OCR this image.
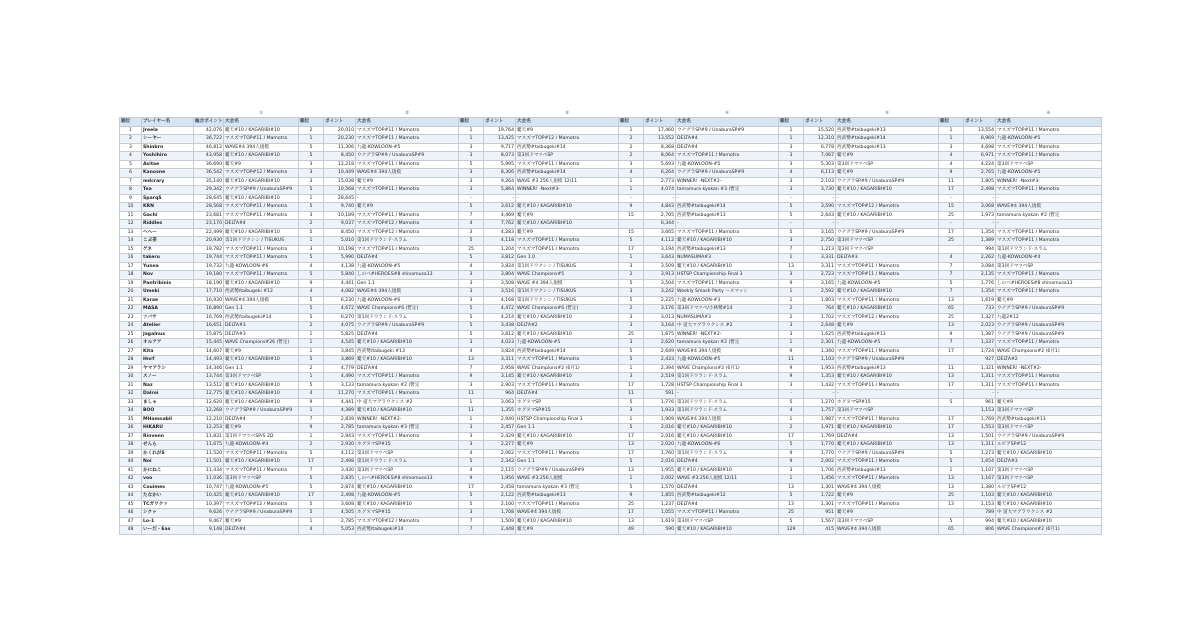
			①			②			③			④			⑤			⑥
順位	プレイヤー名	総合ポイント	大会名	順位	ポイント	大会名	順位	ポイント	大会名	順位	ポイント	大会名	順位	ポイント	大会名	順位	ポイント	大会名
1	Jreela	42,076	覇天#10 / KAGARIBI#10	2	20,010	マスズマTOP#11 / Mamotra	1	19,764	覇天#9	1	17,460	ウナグラSP#9 / UnaburaSP#9	1	15,520	西武勢#taibugeki#13	1	13,554	マスズマTOP#11 / Mamotra
2	シーヤー	36,722	マスズマTOP#11 / Mamotra	1	20,230	マスズマTOP#11 / Mamotra	1	13,425	マスズマTOP#12 / Mamotra	2	13,552	DELTA#4	1	12,310	西武勢#taibugeki#14	1	8,969	九龍-KOWLOON-#5
3	Shinbrn	46,812	WAVE#4 394人規模	5	11,306	九龍-KOWLOON-#5	3	9,717	西武勢#taibugeki#14	2	8,368	DELTA#4	3	6,778	西武勢#taibugeki#13	3	4,698	マスズマTOP#11 / Mamotra
4	Yoshihiro	43,958	覇天#10 / KAGARIBI#10	5	8,450	ウナグラSP#9 / UnaburaSP#9	3	8,073	第3回ドマツベSP	2	8,064	マスズマTOP#11 / Mamotra	3	7,067	覇天#9	4	6,971	マスズマTOP#11 / Mamotra
5	Asitae	36,690	覇天#9	3	12,218	マスズマTOP#11 / Mamotra	5	5,995	マスズマTOP#11 / Mamotra	3	5,693	九龍-KOWLOON-#5	3	5,303	第3回ドマツベSP	4	4,224	第3回ドマツベSP
6	Kanosne	36,542	マスズマTOP#12 / Mamotra	3	10,449	WAVE#4 394人規模	3	8,306	西武勢#taibugeki#14	4	6,264	ウナグラSP#9 / UnaburaSP#9	4	6,113	覇天#9	9	2,765	九龍-KOWLOON-#5
7	mdcrary	35,140	覇天#10 / KAGARIBI#10	3	15,038	覇天#9	3	9,264	WAVE #3 256人規模 12/11	1	2,773	WINNER! -NEXT#2-	3	2,103	ウナグラSP#9 / UnaburaSP#9	11	1,805	WINNER! -Next#3-
8	Tea	29,342	ウナグラSP#9 / UnaburaSP#9	5	10,568	マスズマTOP#11 / Mamotra	3	5,864	WINNER! -Next#3-	1	4,074	tamamura kyokan #3 (暫定	3	3,730	覇天#10 / KAGARIBI#10	17	2,498	マスズマTOP#11 / Mamotra
9	SparqS	28,645	覇天#10 / KAGARIBI#10	1	28,645	-	-	-	-	-	-	-	-	-	-	-	-	-
10	KRN	28,568	マスズマTOP#11 / Mamotra	5	9,740	覇天#9	5	3,612	覇天#10 / KAGARIBI#10	9	4,843	西武勢#taibugeki#14	5	3,590	マスズマTOP#12 / Mamotra	15	3,068	WAVE#4 394人規模
11	Gachi	23,681	マスズマTOP#11 / Mamotra	3	10,189	マスズマTOP#11 / Mamotra	7	4,469	覇天#9	15	2,705	西武勢#taibugeki#13	5	2,643	覇天#10 / KAGARIBI#10	25	1,973	tamamura kyokan #2 (暫定
12	Riddles	23,170	DELTA#4	2	9,037	マスズマTOP#12 / Mamotra	4	7,762	覇天#10 / KAGARIBI#10		6,344	-	-	-	-	-	-	-
13	ヘヘー	22,499	覇天#10 / KAGARIBI#10	5	8,450	マスズマTOP#12 / Mamotra	3	4,283	覇天#9	15	3,665	マスズマTOP#11 / Mamotra	5	3,165	ウナグラSP#9 / UnaburaSP#9	17	1,354	マスズマTOP#11 / Mamotra
14	こぶ茶	20,930	第1回ドワクシン / TISUKUS	1	5,010	第1回ドワランド·スラム	5	4,118	マスズマTOP#11 / Mamotra	5	4,112	覇天#10 / KAGARIBI#10	3	2,750	第3回ドマツベSP	25	1,389	マスズマTOP#11 / Mamotra
15	ゲネ	19,782	マスズマTOP#11 / Mamotra	3	10,198	マスズマTOP#11 / Mamotra	25	1,204	マスズマTOP#11 / Mamotra	17	3,194	西武勢#taibugeki#13	7	1,213	第3回ドマツベSP		994	第1回ドワランド·スラム
16	takeru	19,744	マスズマTOP#11 / Mamotra	5	5,990	DELTA#4	5	3,812	Gen 1.0	1	3,643	NUMASUMA#3	1	3,331	DELTA#3	4	2,262	九龍-KOWLOON-#4
17	Yunea	19,732	九龍-KOWLOON-#6	4	4,138	九龍-KOWLOON-#5	4	3,824	第1回ドワクシン / TISUKUS	3	3,509	覇天#10 / KAGARIBI#10	13	3,311	マスズマTOP#11 / Mamotra	7	3,084	第3回ドマツベSP
18	Nov	19,180	マスズマTOP#11 / Mamotra	5	5,840	しのべ#HEROES#8 shinomusa13	3	3,804	WAVE Champions#5	2	3,913	HSTSP Championship Final 3	3	2,723	マスズマTOP#11 / Mamotra	7	2,135	マスズマTOP#11 / Mamotra
19	Pantribinis	18,190	覇天#10 / KAGARIBI#10	9	4,441	Gen 1.1	3	3,508	WAVE #4 394人規模	5	3,504	マスズマTOP#11 / Mamotra	9	3,165	九龍-KOWLOON-#5	5	1,776	しのべ#HEROES#8 shinomusa13
20	Umeki	17,710	西武勢/taibugeki #12	4	4,082	WAVE#4 394人規模	3	3,516	第1回ドワクシン / TISUKUS	3	3,242	Weekly Smash Party ～スマッシ	1	2,592	覇天#10 / KAGARIBI#10	7	1,354	マスズマTOP#11 / Mamotra
21	Karae	16,930	WAVE#4 394人規模	5	6,230	九龍-KOWLOON-#6	3	4,168	第1回ドワクシン / TISUKUS	5	2,225	九龍-KOWLOON-#3	1	1,803	マスズマTOP#11 / Mamotra	13	1,619	覇天#9
22	MASA	16,890	Gen 1.1	5	4,672	WAVE Champions#6 (暫定)	5	4,472	WAVE Champions#6 (暫定)	2	3,176	第3回ドマツベ/小林勢#14	2	764	覇天#10 / KAGARIBI#10	65	733	ウナグラSP#9 / UnaburaSP#9
23	ツバサ	16,769	西武勢/taibugeki#14	5	6,270	第1回ドワランド·スラム	5	4,214	覇天#10 / KAGARIBI#10	3	3,013	NUMASUMA#3	2	1,702	マスズマTOP#12 / Mamotra	25	1,327	九龍2#12
24	Atelier	16,651	DELTA#3	2	4,075	ウナグラSP#9 / UnaburaSP#9	5	3,438	DELTA#2	3	3,164	中 道大マグラウクシス #2	3	2,648	覇天#9	13	2,023	ウナグラSP#9 / UnaburaSP#9
25	Jagalnus	15,875	DELTA#3	1	5,825	DELTA#4	5	3,812	覇天#10 / KAGARIBI#10	25	1,875	WINNER! -NEXT#2-	3	1,625	西武勢#taibugeki#13	9	1,387	ウナグラSP#9 / UnaburaSP#9
26	オルアア	15,445	WAVE Champions#26 (暫定)	1	4,545	覇天#10 / KAGARIBI#10	3	4,023	九龍-KOWLOON-#5	3	2,620	tamamura kyokan #2 (暫定	1	2,301	九龍-KOWLOON-#5	7	1,337	マスズマTOP#11 / Mamotra
27	Kita	14,607	覇天#9	1	3,845	西武勢/taibugeki #13	4	3,824	西武勢#taibugeki#14	5	2,649	WAVE#4 394人規模	9	1,340	マスズマTOP#11 / Mamotra	17	1,724	WAVE Champions#2 (6月1)
28	Hnrf	14,493	覇天#10 / KAGARIBI#10	5	3,869	覇天#10 / KAGARIBI#10	13	3,311	マスズマTOP#11 / Mamotra	5	2,433	九龍-KOWLOON-#5	11	1,103	ウナグラSP#9 / UnaburaSP#9		927	DELTA#2
29	ヤマアラシ	14,346	Gen 1.1	2	4,779	DELTA#4	7	2,958	WAVE Champions#2 (6月1)	1	2,394	WAVE Champions#2 (6月1)	9	1,953	西武勢#taibugeki#13	11	1,321	WINNER! -NEXT#2-
30	スノー	13,744	第3回ドマツベSP	1	4,490	マスズマTOP#11 / Mamotra	9	3,145	覇天#10 / KAGARIBI#10	3	2,519	第1回ドワランド·スラム	9	1,353	覇天#10 / KAGARIBI#10	13	1,311	マスズマTOP#11 / Mamotra
31	Naz	13,512	覇天#10 / KAGARIBI#10	5	3,133	tamamura kyokan #2 (暫定	3	2,903	マスズマTOP#11 / Mamotra	17	1,728	HSTSP Championship Final 3	3	1,432	マスズマTOP#11 / Mamotra	17	1,311	マスズマTOP#11 / Mamotra
32	Dalroi	12,775	覇天#10 / KAGARIBI#10	4	11,270	マスズマTOP#11 / Mamotra	11	964	DELTA#4	11	591	-	-	-	-	-	-	-
33	ましゃ	12,620	覇天#10 / KAGARIBI#10	9	4,441	中 道大マグラウクシス #2	1	3,063	ホグヌマSP	5	1,776	第1回ドワランド·スラム	5	1,270	ホグヌマSP#15	5	961	覇天#9
34	BOO	12,268	ウナグラSP#9 / UnaburaSP#9	1	4,389	覇天#10 / KAGARIBI#10	11	1,355	ホグヌマSP#15	3	1,933	第1回ドワランド·スラム	4	1,757	第3回ドマツベSP		1,153	第3回ドマツベSP
35	MHamnabli	12,210	DELTA#4	7	2,839	WINNER! -NEXT#2-	1	2,940	HSTSP Championship Final 3	1	1,909	WAVE#4 394人規模	1	1,987	マスズマTOP#11 / Mamotra	17	1,769	西武勢#taibugeki#13
36	HIKARU	12,253	覇天#9	9	2,785	tamamura kyokan #3 (暫定	3	2,457	Gen 1.1	5	2,016	覇天#10 / KAGARIBI#10	2	1,971	覇天#10 / KAGARIBI#10	17	1,553	第3回ドマツベSP
37	Rinvenn	11,831	第1回ドマツベSP/S 2D	1	2,943	マスズマTOP#11 / Mamotra	3	2,429	覇天#10 / KAGARIBI#10	17	2,016	覇天#10 / KAGARIBI#10	17	1,769	DELTA#4	13	1,501	ウナグラSP#9 / UnaburaSP#9
38	せんら	11,675	九龍-KOWLOON-#4	2	2,930	ホグヌマSP#15	3	2,277	覇天#9	13	2,020	九龍-KOWLOON-#6	5	1,770	覇天#10 / KAGARIBI#10	13	1,311	ルビアSP#12
39	かくれがS	11,520	マスズマTOP#11 / Mamotra	5	4,112	第3回ドマツベSP	4	2,062	マスズマTOP#11 / Mamotra	17	1,760	第1回ドワランド·スラム	9	1,770	ウナグラSP#9 / UnaburaSP#9	5	1,273	覇天#10 / KAGARIBI#10
40	Noi	11,501	覇天#10 / KAGARIBI#10	17	2,498	第1回ドワランド·スラム	5	2,342	Gen 1.1	5	2,016	DELTA#4	9	2,002	マスズマTOP#11 / Mamotra	5	1,654	DELTA#3
41	かにねこ	11,434	マスズマTOP#11 / Mamotra	7	3,430	第3回ドマツベSP	4	2,115	ウナグラSP#9 / UnaburaSP#9	13	1,955	覇天#10 / KAGARIBI#10	3	1,706	西武勢#taibugeki#13	1	1,107	第3回ドマツベSP
42	voo	11,036	第3回ドマツベSP	5	2,835	しのべ#HEROES#8 shinomusa13	9	1,956	WAVE #3 256人規模	1	2,002	WAVE #3 256人規模 12/11	1	1,456	マスズマTOP#11 / Mamotra	13	1,167	第3回ドマツベSP
43	Couimes	10,747	九龍-KOWLOON-#5	5	2,874	覇天#10 / KAGARIBI#10	17	2,458	tamamura kyokan #3 (暫定	5	1,570	DELTA#4	13	1,301	WAVE#4 394人規模	13	1,380	ルビアSP#12
44	たなかい	10,425	覇天#10 / KAGARIBI#10	17	2,498	九龍-KOWLOON-#5	5	2,122	西武勢#taibugeki#13	9	1,855	西武勢#taibugeki#12	5	1,722	覇天#9	25	1,103	覇天#10 / KAGARIBI#10
45	TCガワクァ	10,397	マスズマTOP#12 / Mamotra	5	3,608	覇天#10 / KAGARIBI#10	5	2,100	マスズマTOP#11 / Mamotra	25	1,237	DELTA#4	13	1,301	マスズマTOP#11 / Mamotra	13	1,153	覇天#10 / KAGARIBI#10
46	シクゥ	9,626	ウナグラSP#9 / UnaburaSP#9	5	4,505	ホグヌマSP#15	3	1,708	WAVE#4 394人規模	17	1,055	マスズマTOP#11 / Mamotra	25	951	覇天#9		789	中 道大マグラウクシス #2
47	Lo-1	9,467	覇天#9	1	2,785	マスズマTOP#12 / Mamotra	7	1,509	覇天#10 / KAGARIBI#10	13	1,619	第3回ドマツベSP	5	1,567	第3回ドマツベSP	5	994	覇天#10 / KAGARIBI#10
48	いーだ・Eas	9,148	DELTA#4	4	5,053	西武勢/taibugeki#14	7	2,448	覇天#9	49	590	覇天#10 / KAGARIBI#10	129	415	WAVE#4 394人規模	65	806	WAVE Champions#2 (6月1)
